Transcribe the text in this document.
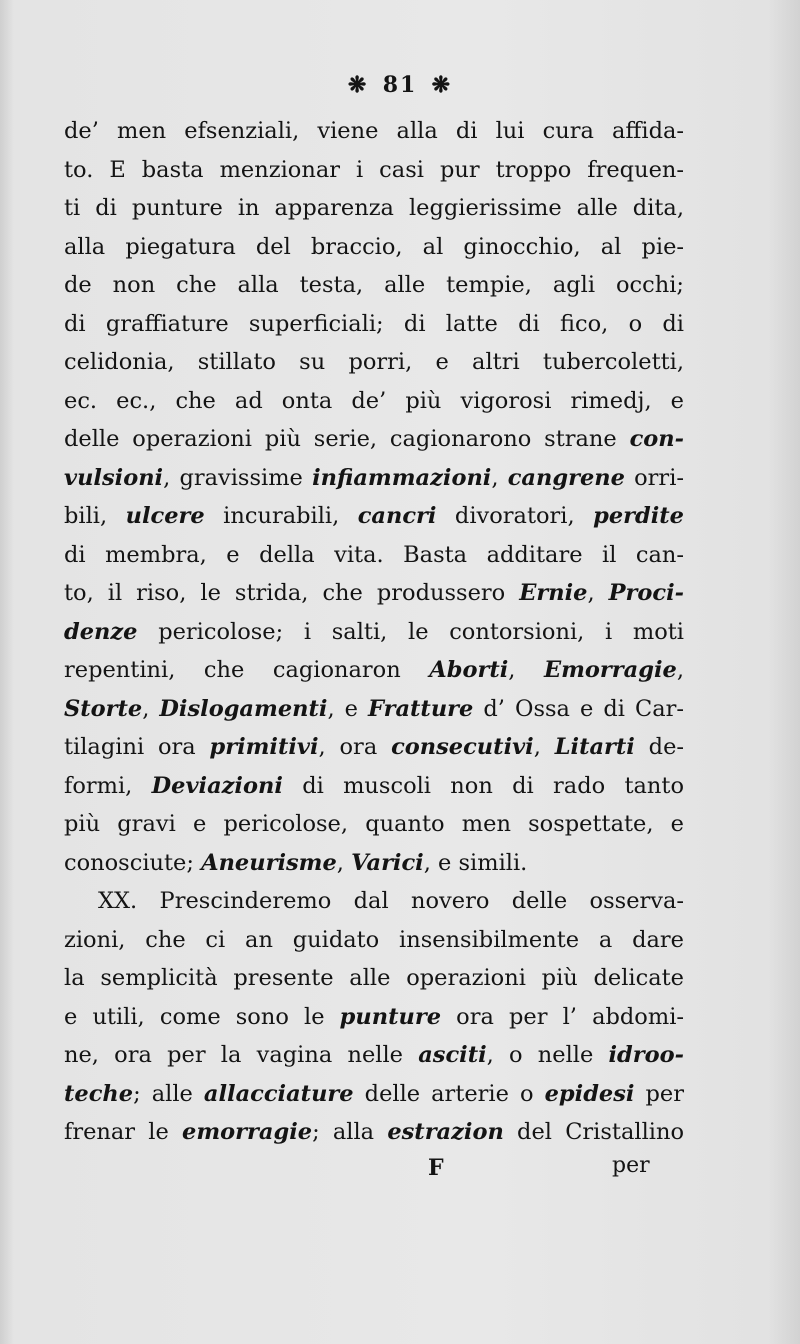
❋ 81 ❋
de’ men efsenziali, viene alla di lui cura affida-
to. E basta menzionar i casi pur troppo frequen-
ti di punture in apparenza leggierissime alle dita,
alla piegatura del braccio, al ginocchio, al pie-
de non che alla testa, alle tempie, agli occhi;
di graffiature superficiali; di latte di fico, o di
celidonia, stillato su porri, e altri tubercoletti,
ec. ec., che ad onta de’ più vigorosi rimedj, e
delle operazioni più serie, cagionarono strane con-
vulsioni, gravissime infiammazioni, cangrene orri-
bili, ulcere incurabili, cancri divoratori, perdite
di membra, e della vita. Basta additare il can-
to, il riso, le strida, che produssero Ernie, Proci-
denze pericolose; i salti, le contorsioni, i moti
repentini, che cagionaron Aborti, Emorragie,
Storte, Dislogamenti, e Fratture d’ Ossa e di Car-
tilagini ora primitivi, ora consecutivi, Litarti de-
formi, Deviazioni di muscoli non di rado tanto
più gravi e pericolose, quanto men sospettate, e
conosciute; Aneurisme, Varici, e simili.
XX. Prescinderemo dal novero delle osserva-
zioni, che ci an guidato insensibilmente a dare
la semplicità presente alle operazioni più delicate
e utili, come sono le punture ora per l’ abdomi-
ne, ora per la vagina nelle asciti, o nelle idroo-
teche; alle allacciature delle arterie o epidesi per
frenar le emorragie; alla estrazion del Cristallino
F	per
